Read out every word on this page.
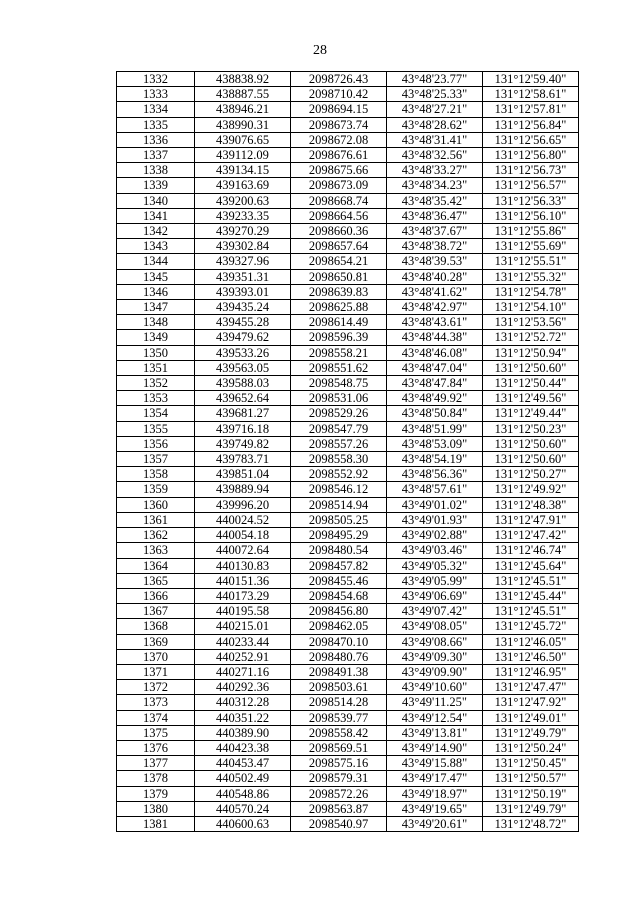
28
1332	438838.92	2098726.43	43°48'23.77"	131°12'59.40"
1333	438887.55	2098710.42	43°48'25.33"	131°12'58.61"
1334	438946.21	2098694.15	43°48'27.21"	131°12'57.81"
1335	438990.31	2098673.74	43°48'28.62"	131°12'56.84"
1336	439076.65	2098672.08	43°48'31.41"	131°12'56.65"
1337	439112.09	2098676.61	43°48'32.56"	131°12'56.80"
1338	439134.15	2098675.66	43°48'33.27"	131°12'56.73"
1339	439163.69	2098673.09	43°48'34.23"	131°12'56.57"
1340	439200.63	2098668.74	43°48'35.42"	131°12'56.33"
1341	439233.35	2098664.56	43°48'36.47"	131°12'56.10"
1342	439270.29	2098660.36	43°48'37.67"	131°12'55.86"
1343	439302.84	2098657.64	43°48'38.72"	131°12'55.69"
1344	439327.96	2098654.21	43°48'39.53"	131°12'55.51"
1345	439351.31	2098650.81	43°48'40.28"	131°12'55.32"
1346	439393.01	2098639.83	43°48'41.62"	131°12'54.78"
1347	439435.24	2098625.88	43°48'42.97"	131°12'54.10"
1348	439455.28	2098614.49	43°48'43.61"	131°12'53.56"
1349	439479.62	2098596.39	43°48'44.38"	131°12'52.72"
1350	439533.26	2098558.21	43°48'46.08"	131°12'50.94"
1351	439563.05	2098551.62	43°48'47.04"	131°12'50.60"
1352	439588.03	2098548.75	43°48'47.84"	131°12'50.44"
1353	439652.64	2098531.06	43°48'49.92"	131°12'49.56"
1354	439681.27	2098529.26	43°48'50.84"	131°12'49.44"
1355	439716.18	2098547.79	43°48'51.99"	131°12'50.23"
1356	439749.82	2098557.26	43°48'53.09"	131°12'50.60"
1357	439783.71	2098558.30	43°48'54.19"	131°12'50.60"
1358	439851.04	2098552.92	43°48'56.36"	131°12'50.27"
1359	439889.94	2098546.12	43°48'57.61"	131°12'49.92"
1360	439996.20	2098514.94	43°49'01.02"	131°12'48.38"
1361	440024.52	2098505.25	43°49'01.93"	131°12'47.91"
1362	440054.18	2098495.29	43°49'02.88"	131°12'47.42"
1363	440072.64	2098480.54	43°49'03.46"	131°12'46.74"
1364	440130.83	2098457.82	43°49'05.32"	131°12'45.64"
1365	440151.36	2098455.46	43°49'05.99"	131°12'45.51"
1366	440173.29	2098454.68	43°49'06.69"	131°12'45.44"
1367	440195.58	2098456.80	43°49'07.42"	131°12'45.51"
1368	440215.01	2098462.05	43°49'08.05"	131°12'45.72"
1369	440233.44	2098470.10	43°49'08.66"	131°12'46.05"
1370	440252.91	2098480.76	43°49'09.30"	131°12'46.50"
1371	440271.16	2098491.38	43°49'09.90"	131°12'46.95"
1372	440292.36	2098503.61	43°49'10.60"	131°12'47.47"
1373	440312.28	2098514.28	43°49'11.25"	131°12'47.92"
1374	440351.22	2098539.77	43°49'12.54"	131°12'49.01"
1375	440389.90	2098558.42	43°49'13.81"	131°12'49.79"
1376	440423.38	2098569.51	43°49'14.90"	131°12'50.24"
1377	440453.47	2098575.16	43°49'15.88"	131°12'50.45"
1378	440502.49	2098579.31	43°49'17.47"	131°12'50.57"
1379	440548.86	2098572.26	43°49'18.97"	131°12'50.19"
1380	440570.24	2098563.87	43°49'19.65"	131°12'49.79"
1381	440600.63	2098540.97	43°49'20.61"	131°12'48.72"
